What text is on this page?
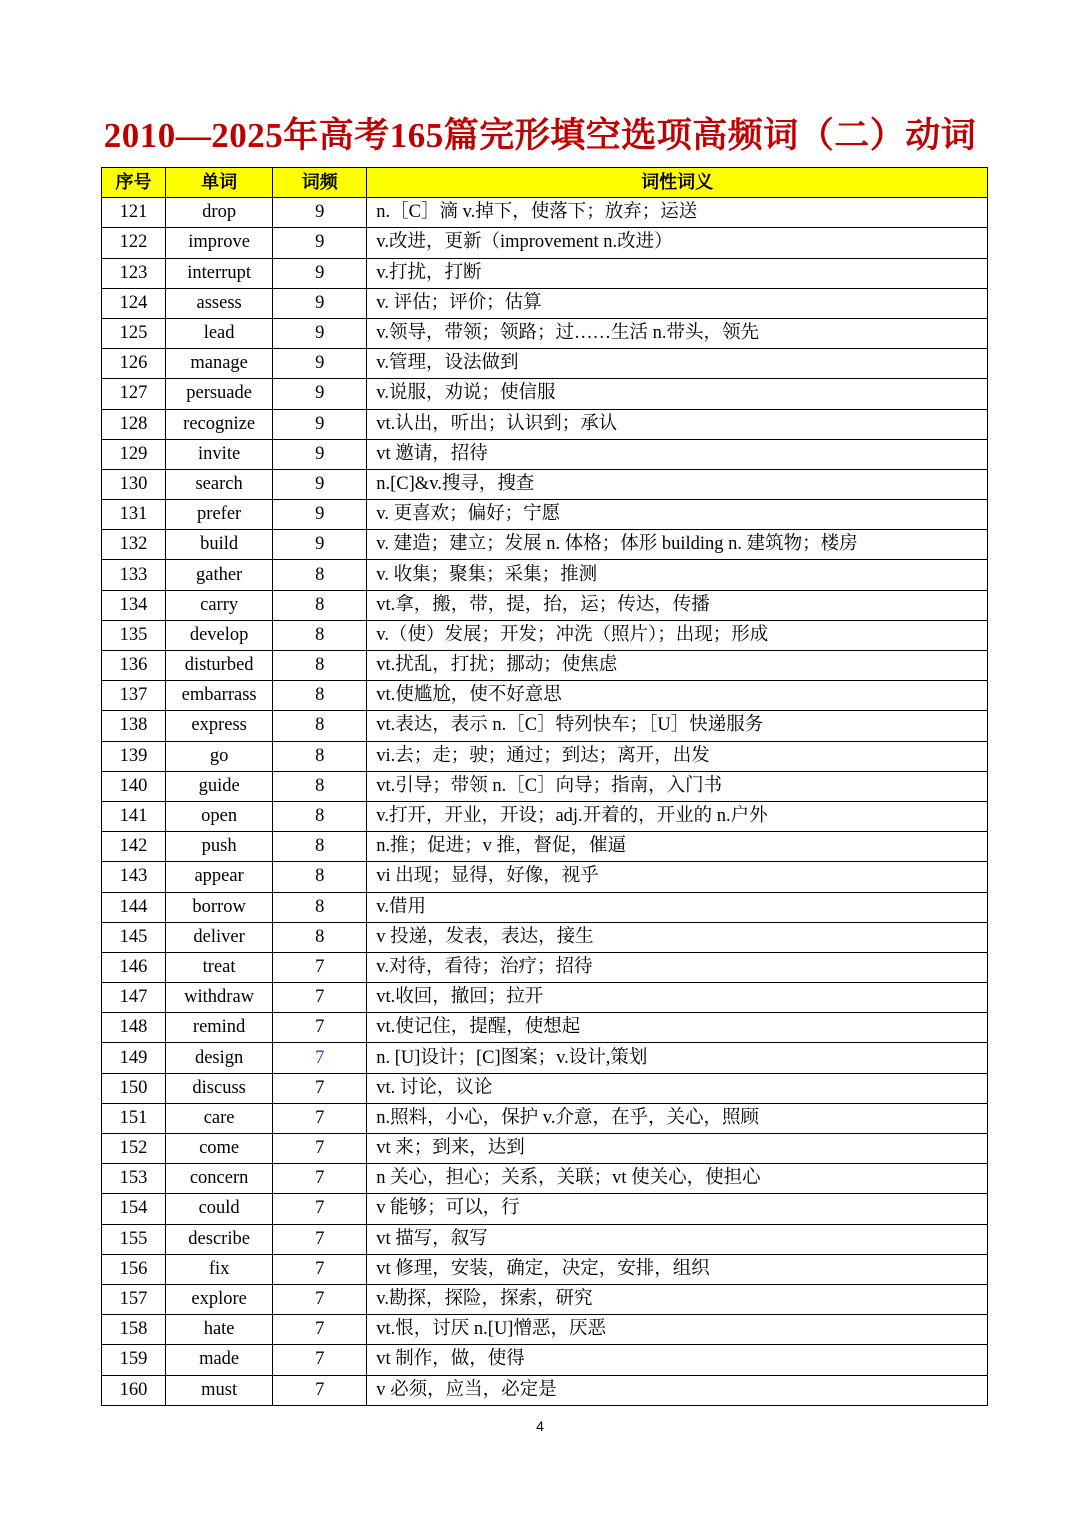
2010—2025年高考165篇完形填空选项高频词（二）动词
序号	单词	词频	词性词义
121	drop	9	n.［C］滴 v.掉下，使落下；放弃；运送
122	improve	9	v.改进，更新（improvement n.改进）
123	interrupt	9	v.打扰，打断
124	assess	9	v. 评估；评价；估算
125	lead	9	v.领导，带领；领路；过……生活 n.带头，领先
126	manage	9	v.管理，设法做到
127	persuade	9	v.说服，劝说；使信服
128	recognize	9	vt.认出，听出；认识到；承认
129	invite	9	vt 邀请，招待
130	search	9	n.[C]&v.搜寻，搜查
131	prefer	9	v. 更喜欢；偏好；宁愿
132	build	9	v. 建造；建立；发展 n. 体格；体形 building n. 建筑物；楼房
133	gather	8	v. 收集；聚集；采集；推测
134	carry	8	vt.拿，搬，带，提，抬，运；传达，传播
135	develop	8	v.（使）发展；开发；冲洗（照片）；出现；形成
136	disturbed	8	vt.扰乱，打扰；挪动；使焦虑
137	embarrass	8	vt.使尴尬，使不好意思
138	express	8	vt.表达，表示 n.［C］特列快车；［U］快递服务
139	go	8	vi.去；走；驶；通过；到达；离开，出发
140	guide	8	vt.引导；带领 n.［C］向导；指南，入门书
141	open	8	v.打开，开业，开设；adj.开着的，开业的 n.户外
142	push	8	n.推；促进；v 推，督促，催逼
143	appear	8	vi 出现；显得，好像，视乎
144	borrow	8	v.借用
145	deliver	8	v 投递，发表，表达，接生
146	treat	7	v.对待，看待；治疗；招待
147	withdraw	7	vt.收回，撤回；拉开
148	remind	7	vt.使记住，提醒，使想起
149	design	7	n. [U]设计；[C]图案；v.设计,策划
150	discuss	7	vt. 讨论，议论
151	care	7	n.照料，小心，保护 v.介意，在乎，关心，照顾
152	come	7	vt 来；到来，达到
153	concern	7	n 关心，担心；关系，关联；vt 使关心，使担心
154	could	7	v 能够；可以，行
155	describe	7	vt 描写，叙写
156	fix	7	vt 修理，安装，确定，决定，安排，组织
157	explore	7	v.勘探，探险，探索，研究
158	hate	7	vt.恨，讨厌 n.[U]憎恶，厌恶
159	made	7	vt 制作，做，使得
160	must	7	v 必须，应当，必定是
4
